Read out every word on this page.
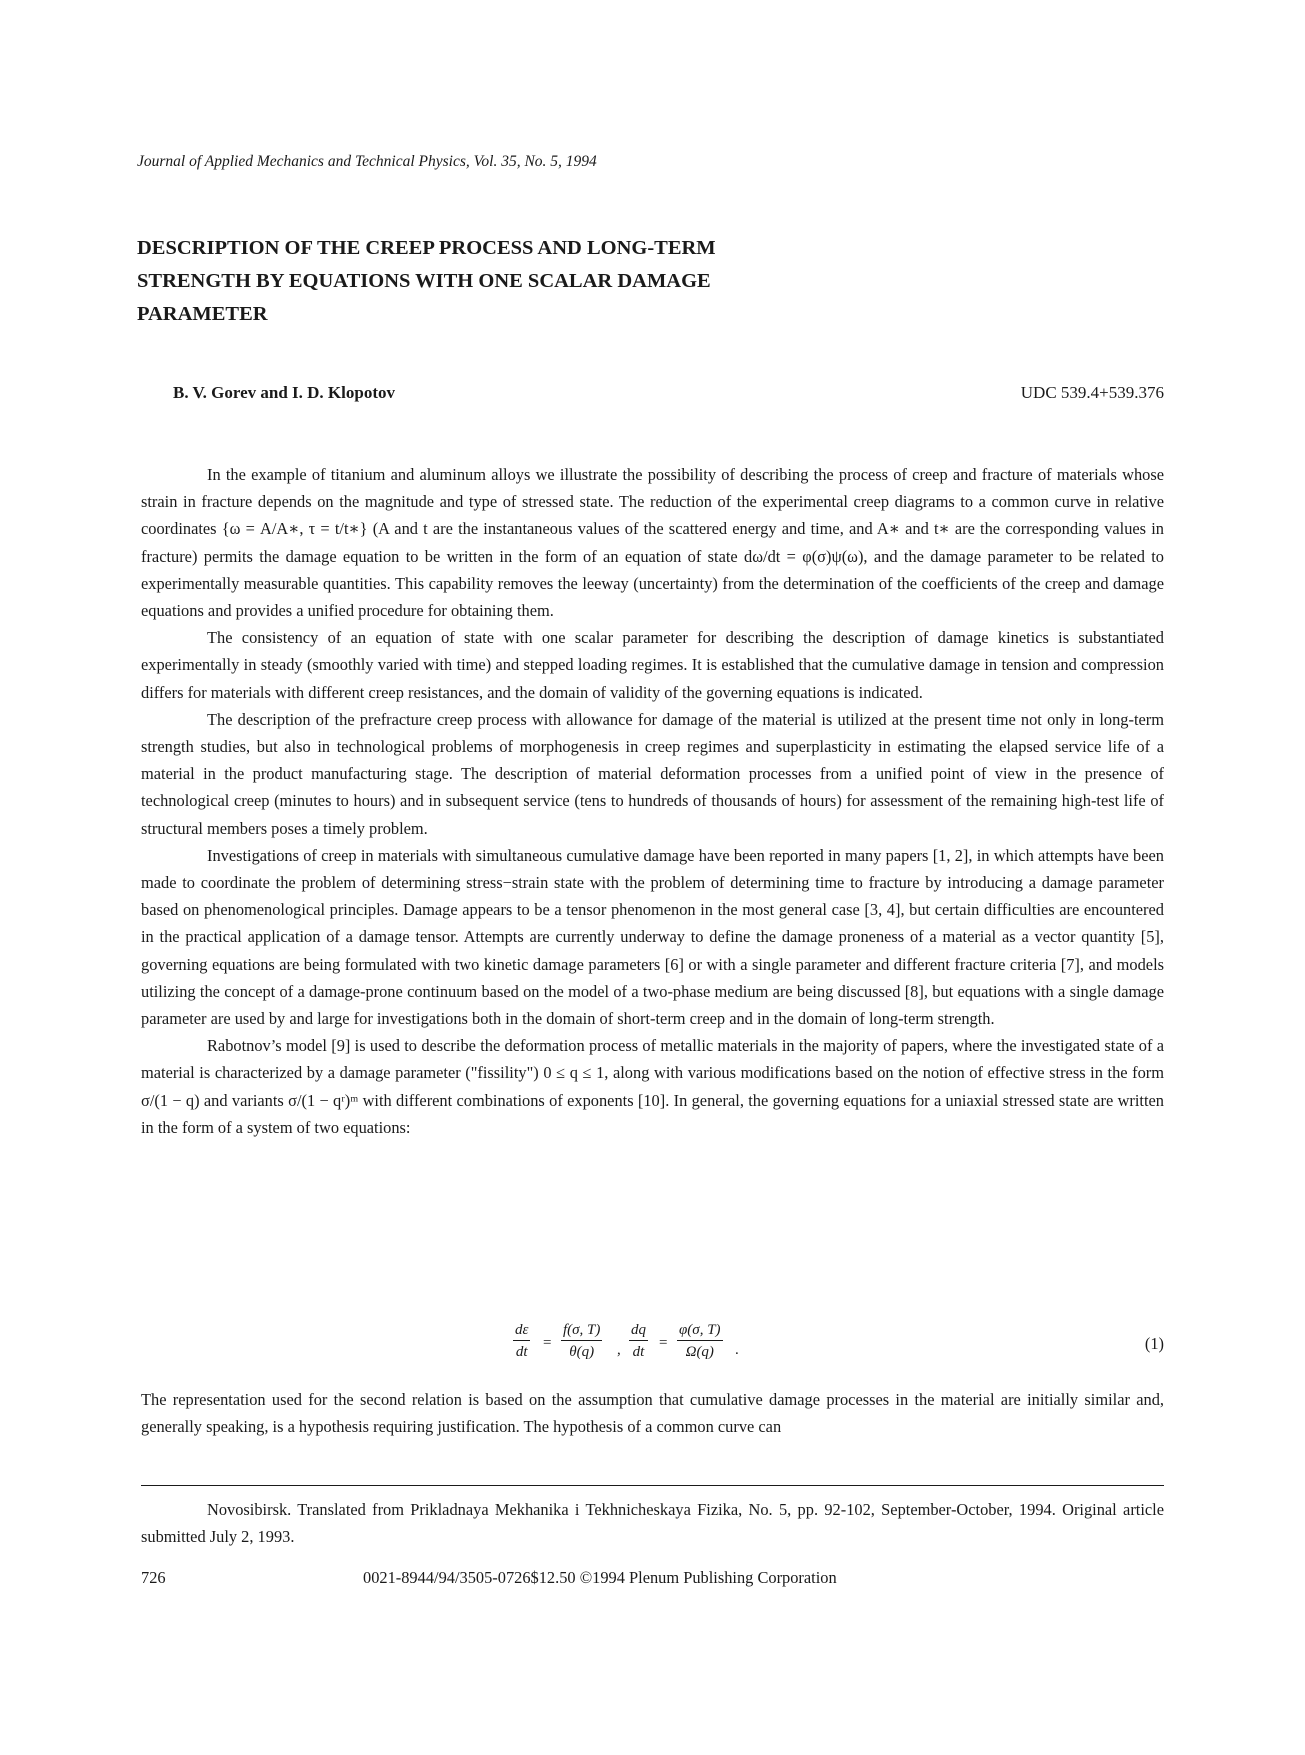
Journal of Applied Mechanics and Technical Physics, Vol. 35, No. 5, 1994
DESCRIPTION OF THE CREEP PROCESS AND LONG-TERM
STRENGTH BY EQUATIONS WITH ONE SCALAR DAMAGE
PARAMETER
B. V. Gorev and I. D. Klopotov	UDC 539.4+539.376

In the example of titanium and aluminum alloys we illustrate the possibility of describing the process of creep and fracture of materials whose strain in fracture depends on the magnitude and type of stressed state. The reduction of the experimental creep diagrams to a common curve in relative coordinates {ω = A/A∗, τ = t/t∗} (A and t are the instantaneous values of the scattered energy and time, and A∗ and t∗ are the corresponding values in fracture) permits the damage equation to be written in the form of an equation of state dω/dt = φ(σ)ψ(ω), and the damage parameter to be related to experimentally measurable quantities. This capability removes the leeway (uncertainty) from the determination of the coefficients of the creep and damage equations and provides a unified procedure for obtaining them.

The consistency of an equation of state with one scalar parameter for describing the description of damage kinetics is substantiated experimentally in steady (smoothly varied with time) and stepped loading regimes. It is established that the cumulative damage in tension and compression differs for materials with different creep resistances, and the domain of validity of the governing equations is indicated.

The description of the prefracture creep process with allowance for damage of the material is utilized at the present time not only in long-term strength studies, but also in technological problems of morphogenesis in creep regimes and superplasticity in estimating the elapsed service life of a material in the product manufacturing stage. The description of material deformation processes from a unified point of view in the presence of technological creep (minutes to hours) and in subsequent service (tens to hundreds of thousands of hours) for assessment of the remaining high-test life of structural members poses a timely problem.

Investigations of creep in materials with simultaneous cumulative damage have been reported in many papers [1, 2], in which attempts have been made to coordinate the problem of determining stress−strain state with the problem of determining time to fracture by introducing a damage parameter based on phenomenological principles. Damage appears to be a tensor phenomenon in the most general case [3, 4], but certain difficulties are encountered in the practical application of a damage tensor. Attempts are currently underway to define the damage proneness of a material as a vector quantity [5], governing equations are being formulated with two kinetic damage parameters [6] or with a single parameter and different fracture criteria [7], and models utilizing the concept of a damage-prone continuum based on the model of a two-phase medium are being discussed [8], but equations with a single damage parameter are used by and large for investigations both in the domain of short-term creep and in the domain of long-term strength.

Rabotnov’s model [9] is used to describe the deformation process of metallic materials in the majority of papers, where the investigated state of a material is characterized by a damage parameter ("fissility") 0 ≤ q ≤ 1, along with various modifications based on the notion of effective stress in the form σ/(1 − q) and variants σ/(1 − qʳ)ᵐ with different combinations of exponents [10]. In general, the governing equations for a uniaxial stressed state are written in the form of a system of two equations:

$\frac{d\varepsilon}{dt} = \frac{f(\sigma, T)}{\theta(q)}$ , $\frac{dq}{dt} = \frac{\varphi(\sigma, T)}{\Omega(q)}$ .	(1)

The representation used for the second relation is based on the assumption that cumulative damage processes in the material are initially similar and, generally speaking, is a hypothesis requiring justification. The hypothesis of a common curve can

Novosibirsk. Translated from Prikladnaya Mekhanika i Tekhnicheskaya Fizika, No. 5, pp. 92-102, September-October, 1994. Original article submitted July 2, 1993.

726	0021-8944/94/3505-0726$12.50 ©1994 Plenum Publishing Corporation
